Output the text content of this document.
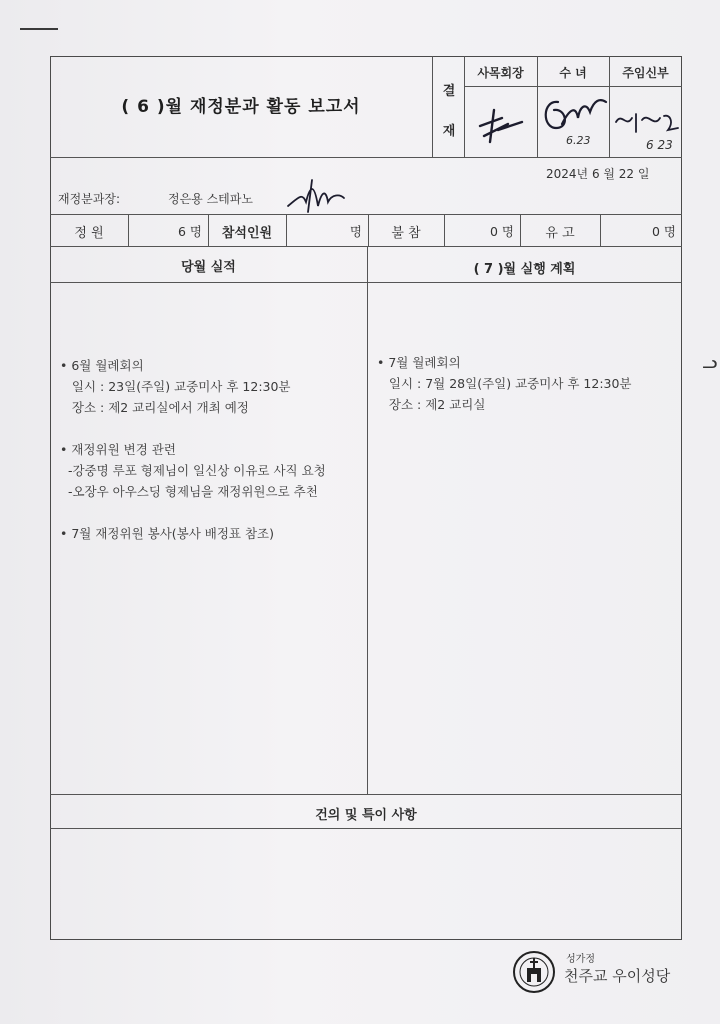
ᓗ
( 6 )월 재정분과 활동 보고서
결
재
사목회장	수 녀	주임신부
6.23	6 23
2024년 6 월 22 일
재정분과장:	정은용 스테파노
정 원	6 명	참석인원	명	불 참	0 명	유 고	0 명
당월 실적	( 7 )월 실행 계획
• 6월 월례회의
일시 : 23일(주일) 교중미사 후 12:30분
장소 : 제2 교리실에서 개최 예정
• 재정위원 변경 관련
-강중명 루포 형제님이 일신상 이유로 사직 요청
-오장우 아우스딩 형제님을 재정위원으로 추천
• 7월 재정위원 봉사(봉사 배정표 참조)
• 7월 월례회의
일시 : 7월 28일(주일) 교중미사 후 12:30분
장소 : 제2 교리실
건의 및 특이 사항
성가정
천주교 우이성당
